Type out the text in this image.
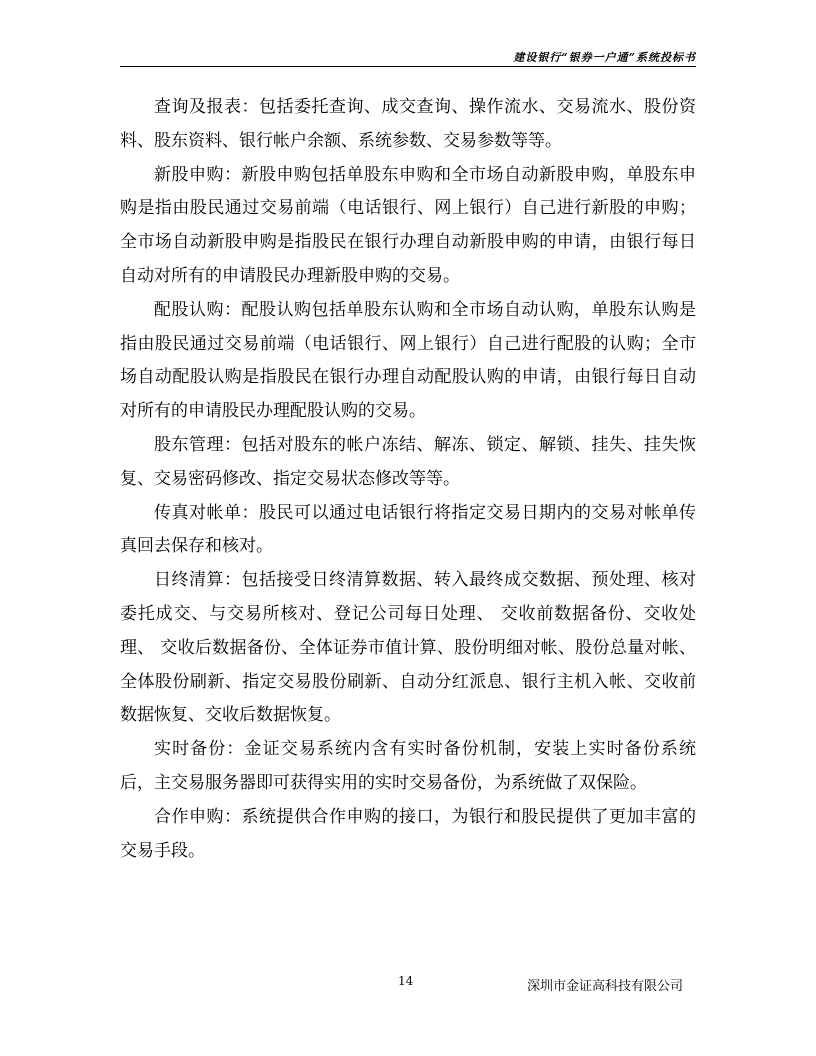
建设银行“银券一户通”系统投标书

查询及报表：包括委托查询、成交查询、操作流水、交易流水、股份资料、股东资料、银行帐户余额、系统参数、交易参数等等。

新股申购：新股申购包括单股东申购和全市场自动新股申购，单股东申购是指由股民通过交易前端（电话银行、网上银行）自己进行新股的申购；全市场自动新股申购是指股民在银行办理自动新股申购的申请，由银行每日自动对所有的申请股民办理新股申购的交易。

配股认购：配股认购包括单股东认购和全市场自动认购，单股东认购是指由股民通过交易前端（电话银行、网上银行）自己进行配股的认购；全市场自动配股认购是指股民在银行办理自动配股认购的申请，由银行每日自动对所有的申请股民办理配股认购的交易。

股东管理：包括对股东的帐户冻结、解冻、锁定、解锁、挂失、挂失恢复、交易密码修改、指定交易状态修改等等。

传真对帐单：股民可以通过电话银行将指定交易日期内的交易对帐单传真回去保存和核对。

日终清算：包括接受日终清算数据、转入最终成交数据、预处理、核对委托成交、与交易所核对、登记公司每日处理、 交收前数据备份、交收处理、 交收后数据备份、全体证券市值计算、股份明细对帐、股份总量对帐、全体股份刷新、指定交易股份刷新、自动分红派息、银行主机入帐、交收前数据恢复、交收后数据恢复。

实时备份：金证交易系统内含有实时备份机制，安装上实时备份系统后，主交易服务器即可获得实用的实时交易备份，为系统做了双保险。

合作申购：系统提供合作申购的接口，为银行和股民提供了更加丰富的交易手段。

14	深圳市金证高科技有限公司
